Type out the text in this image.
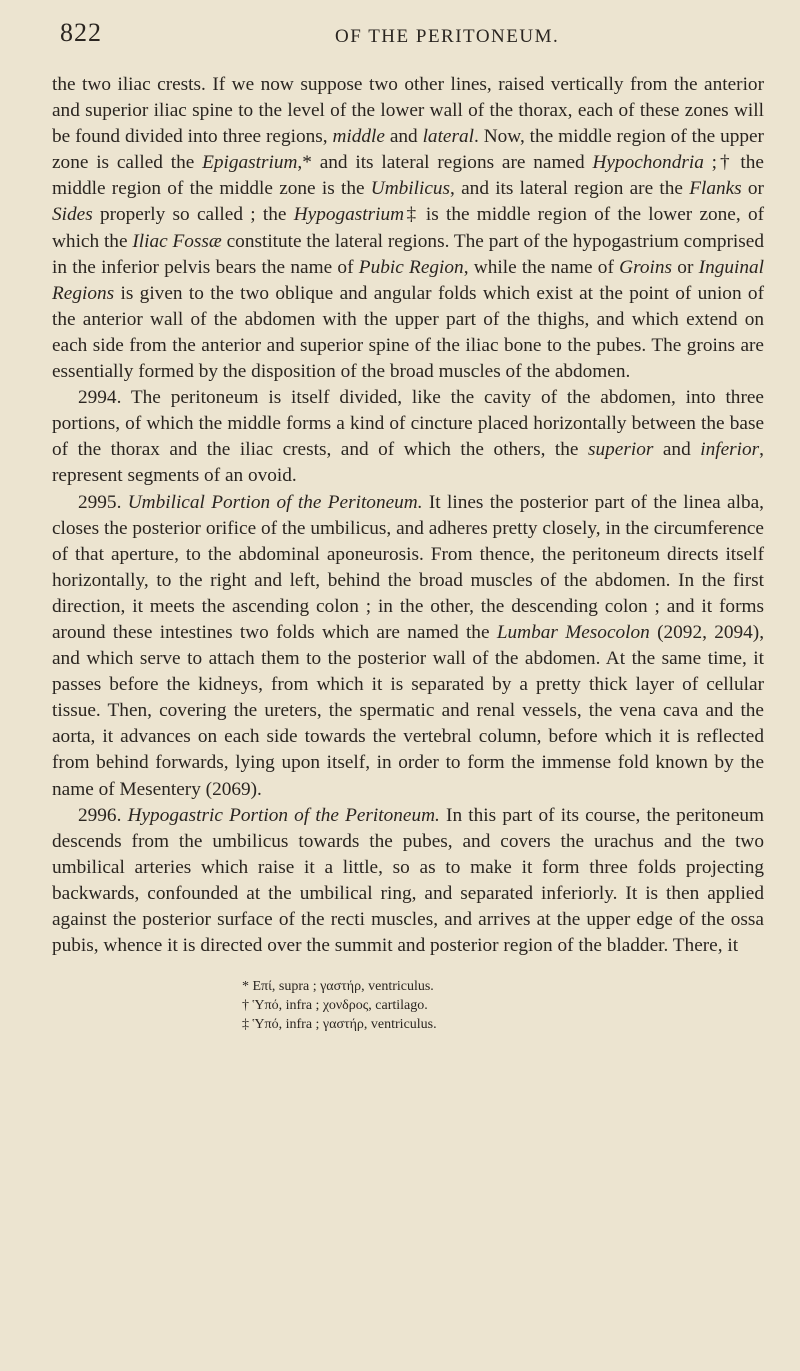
822	OF THE PERITONEUM.

the two iliac crests. If we now suppose two other lines, raised vertically from the anterior and superior iliac spine to the level of the lower wall of the thorax, each of these zones will be found divided into three regions, middle and lateral. Now, the middle region of the upper zone is called the Epigastrium,* and its lateral regions are named Hypochondria ;† the middle region of the middle zone is the Umbilicus, and its lateral region are the Flanks or Sides properly so called ; the Hypogastrium‡ is the middle region of the lower zone, of which the Iliac Fossæ constitute the lateral regions. The part of the hypogastrium comprised in the inferior pelvis bears the name of Pubic Region, while the name of Groins or Inguinal Regions is given to the two oblique and angular folds which exist at the point of union of the anterior wall of the abdomen with the upper part of the thighs, and which extend on each side from the anterior and superior spine of the iliac bone to the pubes. The groins are essentially formed by the disposition of the broad muscles of the abdomen.

2994. The peritoneum is itself divided, like the cavity of the abdomen, into three portions, of which the middle forms a kind of cincture placed horizontally between the base of the thorax and the iliac crests, and of which the others, the superior and inferior, represent segments of an ovoid.

2995. Umbilical Portion of the Peritoneum. It lines the posterior part of the linea alba, closes the posterior orifice of the umbilicus, and adheres pretty closely, in the circumference of that aperture, to the abdominal aponeurosis. From thence, the peritoneum directs itself horizontally, to the right and left, behind the broad muscles of the abdomen. In the first direction, it meets the ascending colon ; in the other, the descending colon ; and it forms around these intestines two folds which are named the Lumbar Mesocolon (2092, 2094), and which serve to attach them to the posterior wall of the abdomen. At the same time, it passes before the kidneys, from which it is separated by a pretty thick layer of cellular tissue. Then, covering the ureters, the spermatic and renal vessels, the vena cava and the aorta, it advances on each side towards the vertebral column, before which it is reflected from behind forwards, lying upon itself, in order to form the immense fold known by the name of Mesentery (2069).

2996. Hypogastric Portion of the Peritoneum. In this part of its course, the peritoneum descends from the umbilicus towards the pubes, and covers the urachus and the two umbilical arteries which raise it a little, so as to make it form three folds projecting backwards, confounded at the umbilical ring, and separated inferiorly. It is then applied against the posterior surface of the recti muscles, and arrives at the upper edge of the ossa pubis, whence it is directed over the summit and posterior region of the bladder. There, it

* Επί, supra ; γαστήρ, ventriculus.
† Ὑπό, infra ; χονδρος, cartilago.
‡ Ὑπό, infra ; γαστήρ, ventriculus.
